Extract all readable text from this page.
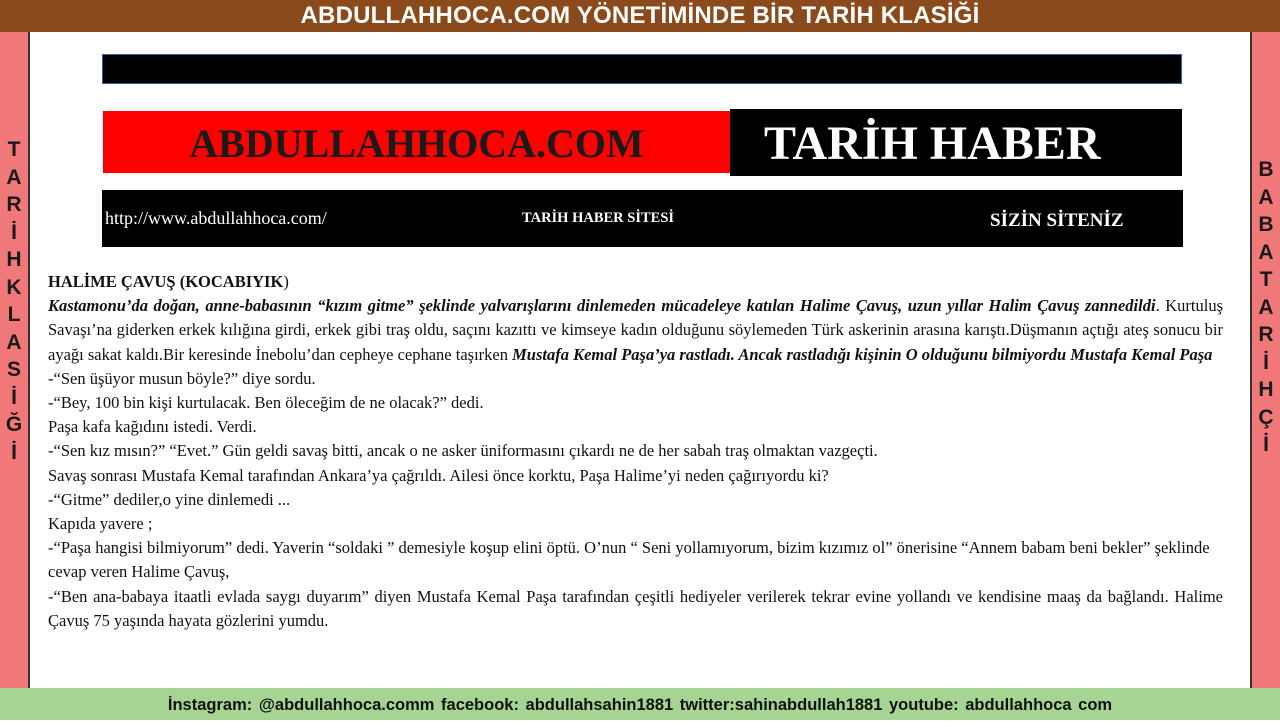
ABDULLAHHOCA.COM YÖNETİMİNDE BİR TARİH KLASİĞİ
T
A
R
İ
H
K
L
A
S
İ
Ğ
İ
B
A
B
A
T
A
R
İ
H
Ç
İ
ABDULLAHHOCA.COM	TARİH HABER
http://www.abdullahhoca.com/	TARİH HABER SİTESİ	SİZİN SİTENİZ

HALİME ÇAVUŞ (KOCABIYIK)

Kastamonu’da doğan, anne-babasının “kızım gitme” şeklinde yalvarışlarını dinlemeden mücadeleye katılan Halime Çavuş, uzun yıllar Halim Çavuş zannedildi. Kurtuluş Savaşı’na giderken erkek kılığına girdi, erkek gibi traş oldu, saçını kazıttı ve kimseye kadın olduğunu söylemeden Türk askerinin arasına karıştı.Düşmanın açtığı ateş sonucu bir ayağı sakat kaldı.Bir keresinde İnebolu’dan cepheye cephane taşırken Mustafa Kemal Paşa’ya rastladı. Ancak rastladığı kişinin O olduğunu bilmiyordu Mustafa Kemal Paşa

-“Sen üşüyor musun böyle?” diye sordu.

-“Bey, 100 bin kişi kurtulacak. Ben öleceğim de ne olacak?” dedi.

Paşa kafa kağıdını istedi. Verdi.

-“Sen kız mısın?” “Evet.” Gün geldi savaş bitti, ancak o ne asker üniformasını çıkardı ne de her sabah traş olmaktan vazgeçti.

Savaş sonrası Mustafa Kemal tarafından Ankara’ya çağrıldı. Ailesi önce korktu, Paşa Halime’yi neden çağırıyordu ki?

-“Gitme” dediler,o yine dinlemedi ...

Kapıda yavere ;

-“Paşa hangisi bilmiyorum” dedi. Yaverin “soldaki ” demesiyle koşup elini öptü. O’nun “ Seni yollamıyorum, bizim kızımız ol” önerisine “Annem babam beni bekler” şeklinde cevap veren Halime Çavuş,

-“Ben ana-babaya itaatli evlada saygı duyarım” diyen Mustafa Kemal Paşa tarafından çeşitli hediyeler verilerek tekrar evine yollandı ve kendisine maaş da bağlandı. Halime Çavuş 75 yaşında hayata gözlerini yumdu.

İnstagram: @abdullahhoca.comm facebook: abdullahsahin1881 twitter:sahinabdullah1881 youtube: abdullahhoca com
